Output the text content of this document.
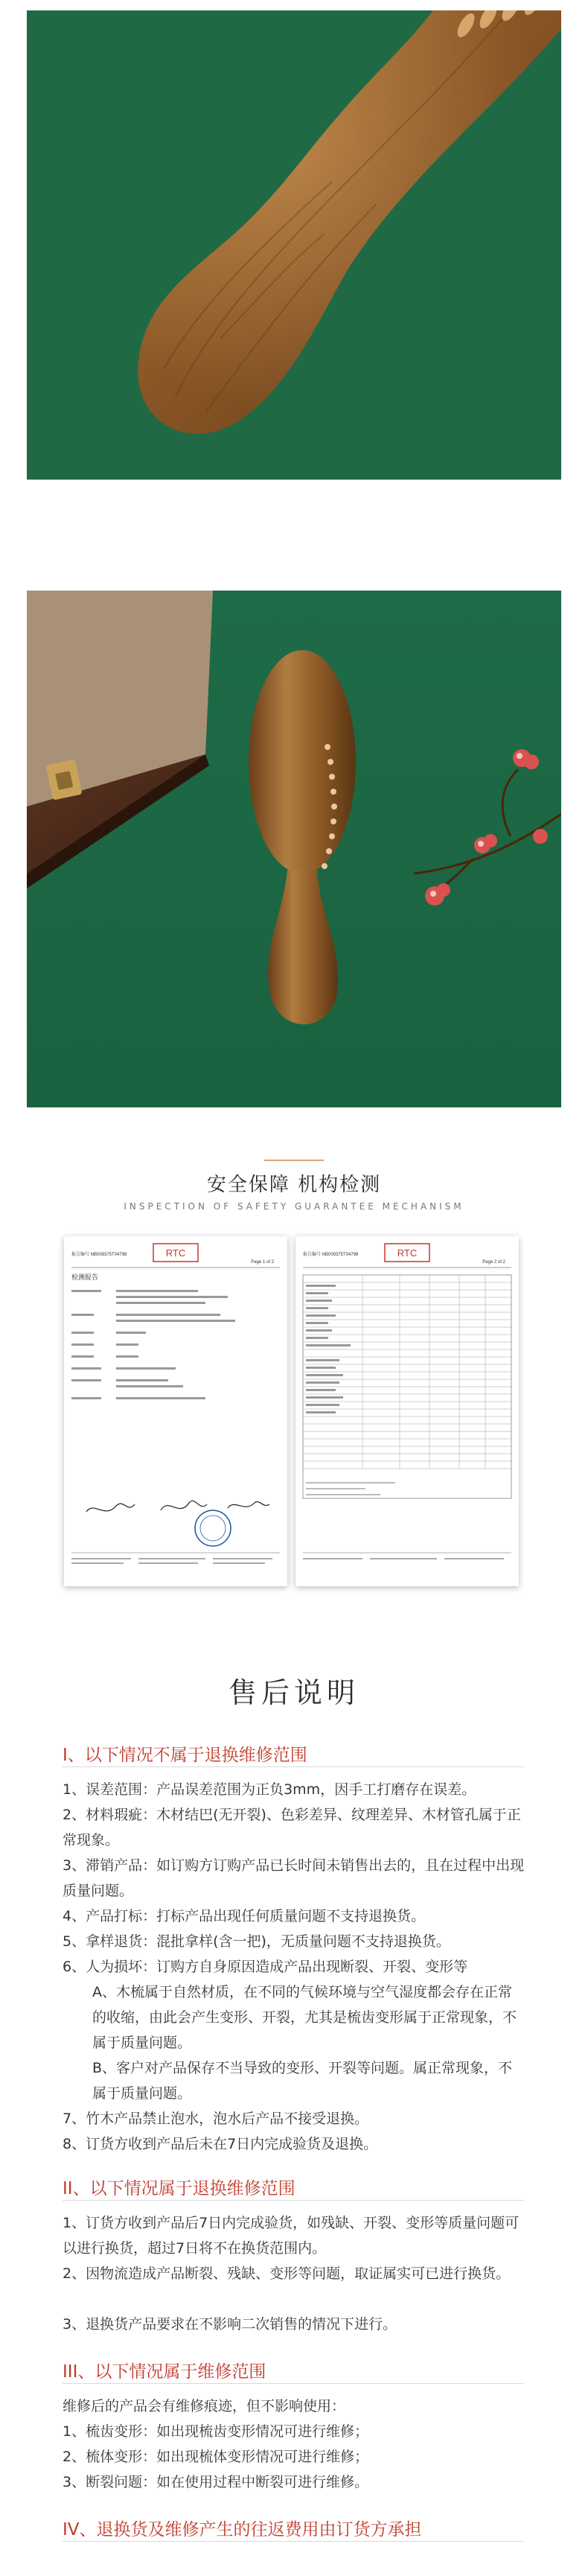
安全保障 机构检测
INSPECTION OF SAFETY GUARANTEE MECHANISM
RTC
报告编号 NB009375T04798
Page 1 of 2
检测报告
RTC
报告编号 NB009375T04798
Page 2 of 2
售后说明
I、以下情况不属于退换维修范围

1、误差范围：产品误差范围为正负3mm，因手工打磨存在误差。

2、材料瑕疵：木材结巴(无开裂)、色彩差异、纹理差异、木材管孔属于正常现象。

3、滞销产品：如订购方订购产品已长时间未销售出去的，且在过程中出现质量问题。

4、产品打标：打标产品出现任何质量问题不支持退换货。

5、拿样退货：混批拿样(含一把)，无质量问题不支持退换货。

6、人为损坏：订购方自身原因造成产品出现断裂、开裂、变形等

A、木梳属于自然材质，在不同的气候环境与空气湿度都会存在正常的收缩，由此会产生变形、开裂，尤其是梳齿变形属于正常现象，不属于质量问题。

B、客户对产品保存不当导致的变形、开裂等问题。属正常现象，不属于质量问题。

7、竹木产品禁止泡水，泡水后产品不接受退换。

8、订货方收到产品后未在7日内完成验货及退换。

II、以下情况属于退换维修范围

1、订货方收到产品后7日内完成验货，如残缺、开裂、变形等质量问题可以进行换货，超过7日将不在换货范围内。

2、因物流造成产品断裂、残缺、变形等问题，取证属实可已进行换货。

3、退换货产品要求在不影响二次销售的情况下进行。

III、以下情况属于维修范围

维修后的产品会有维修痕迹，但不影响使用：

1、梳齿变形：如出现梳齿变形情况可进行维修；

2、梳体变形：如出现梳体变形情况可进行维修；

3、断裂问题：如在使用过程中断裂可进行维修。

IV、退换货及维修产生的往返费用由订货方承担
